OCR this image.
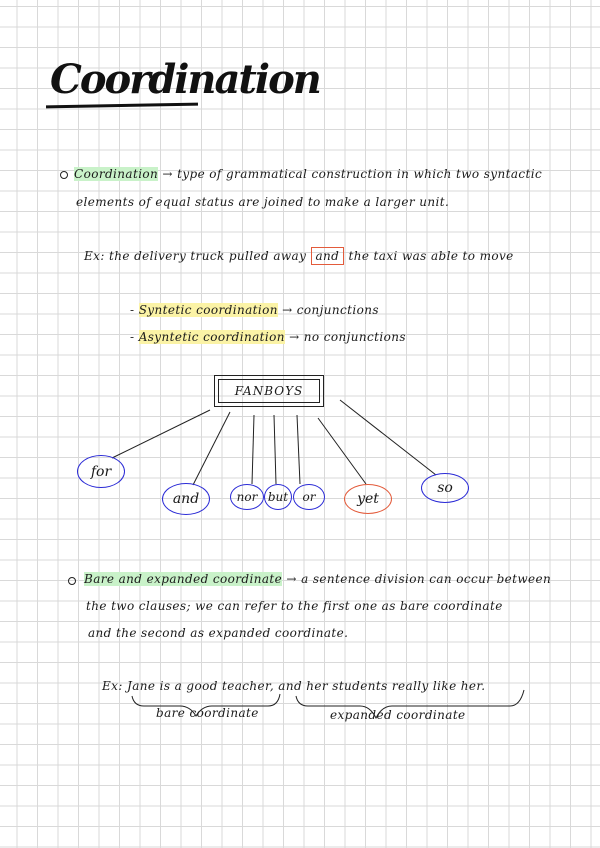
Coordination
Coordination → type of grammatical construction in which two syntactic
elements of equal status are joined to make a larger unit.
Ex: the delivery truck pulled away and the taxi was able to move
- Syntetic coordination → conjunctions
- Asyntetic coordination → no conjunctions
FANBOYS
for
and	nor but	or	yet
so
Bare and expanded coordinate → a sentence division can occur between
the two clauses; we can refer to the first one as bare coordinate
and the second as expanded coordinate.
Ex: Jane is a good teacher, and her students really like her.
bare coordinate	expanded coordinate
